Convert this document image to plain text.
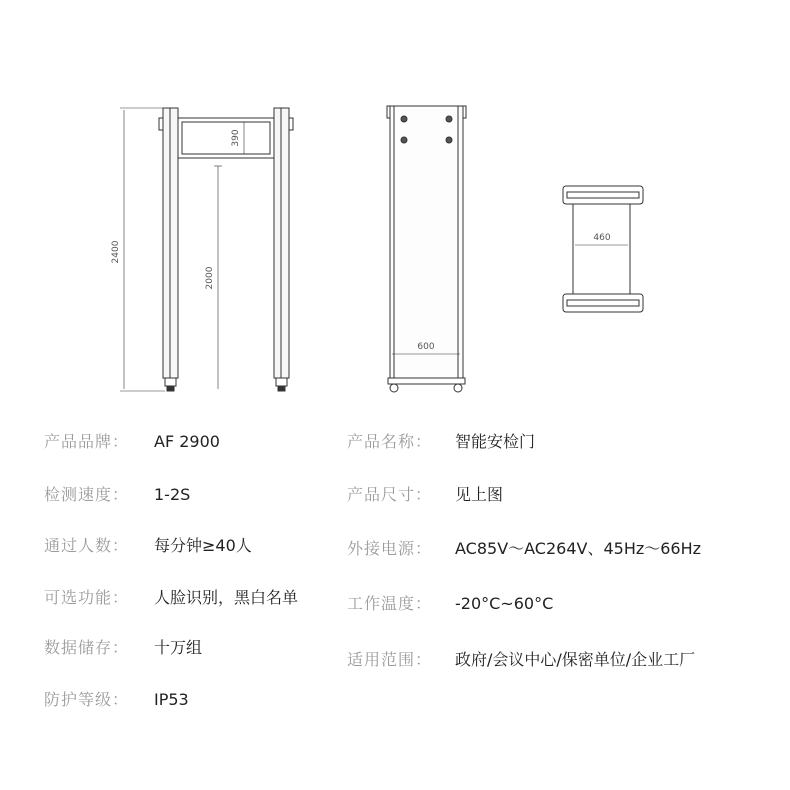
2400
2000
390
600
460
产品品牌： AF 2900
检测速度： 1-2S
通过人数： 每分钟≥40人
可选功能： 人脸识别，黑白名单
数据储存： 十万组
防护等级： IP53
产品名称： 智能安检门
产品尺寸： 见上图
外接电源： AC85V～AC264V、45Hz～66Hz
工作温度： -20°C~60°C
适用范围： 政府/会议中心/保密单位/企业工厂
